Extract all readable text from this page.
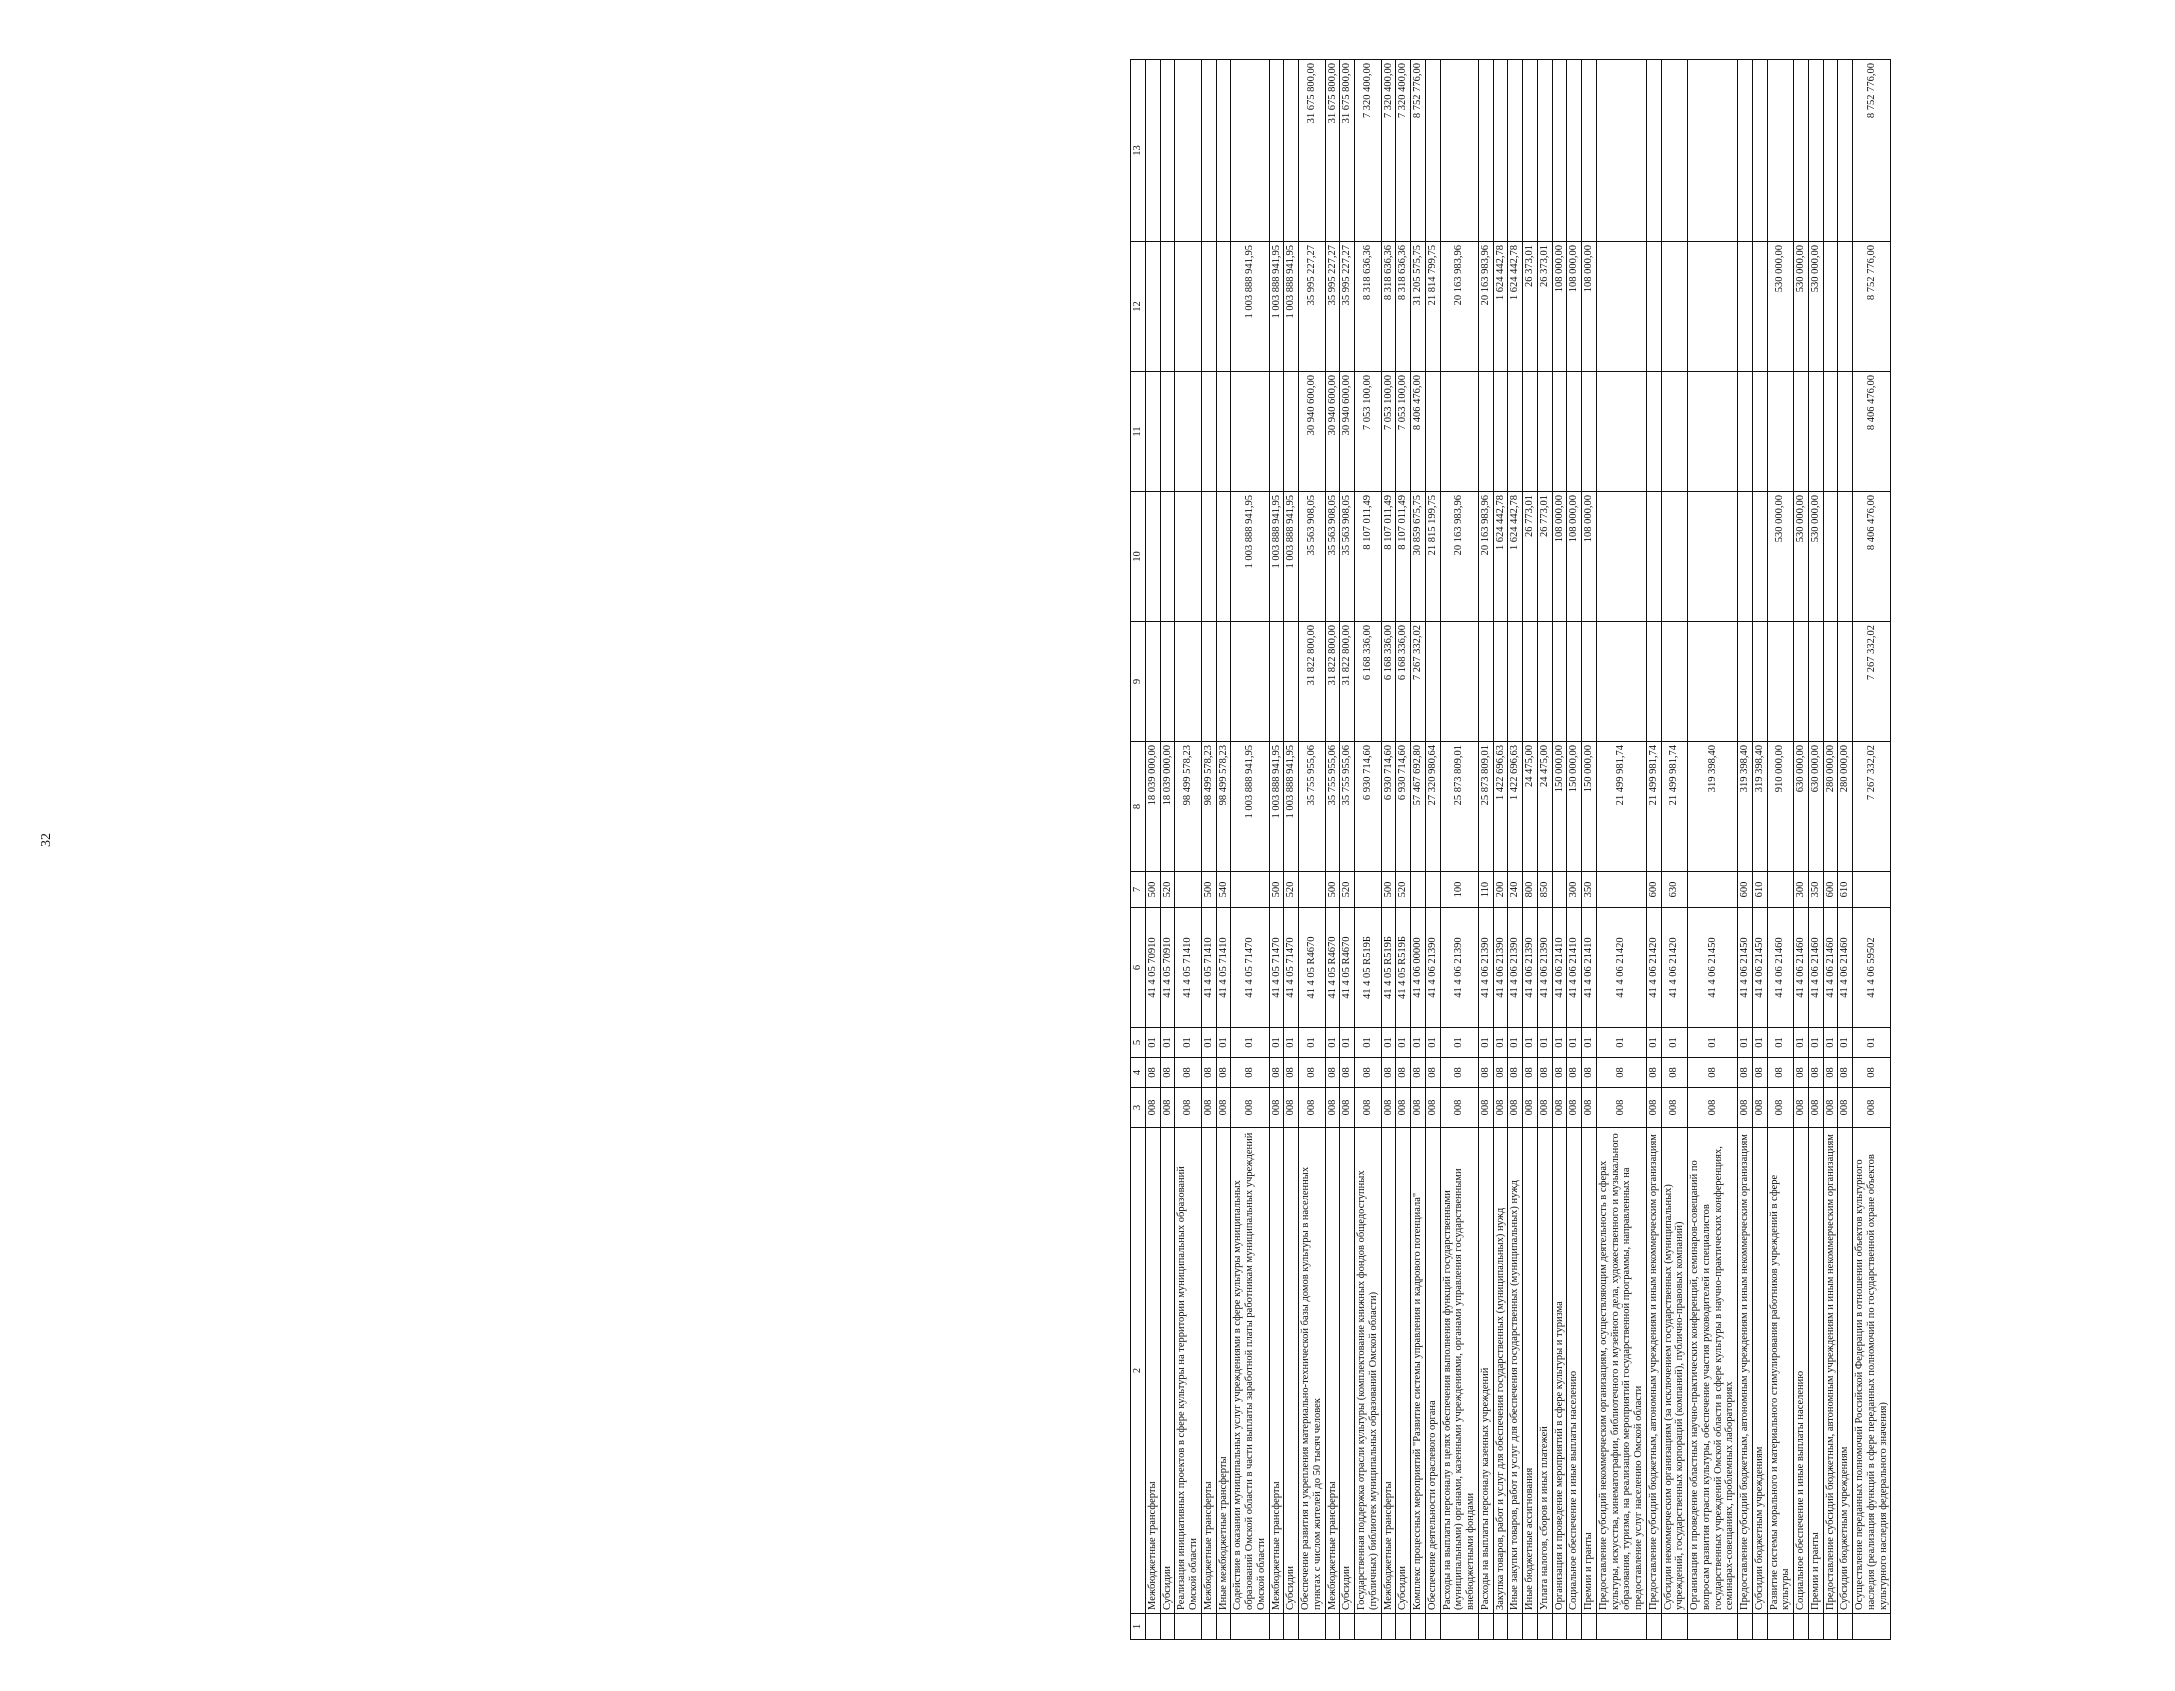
32
1	2	3	4	5	6	7	8	9	10	11	12	13
	Межбюджетные трансферты	008	08	01	41 4 05 70910	500	18 039 000,00					
	Субсидии	008	08	01	41 4 05 70910	520	18 039 000,00					
	Реализация инициативных проектов в сфере культуры на территории муниципальных образований Омской области	008	08	01	41 4 05 71410		98 499 578,23					
	Межбюджетные трансферты	008	08	01	41 4 05 71410	500	98 499 578,23					
	Иные межбюджетные трансферты	008	08	01	41 4 05 71410	540	98 499 578,23					
	Содействие в оказании муниципальных услуг учреждениями в сфере культуры муниципальных образований Омской области в части выплаты заработной платы работникам муниципальных учреждений Омской области	008	08	01	41 4 05 71470		1 003 888 941,95		1 003 888 941,95		1 003 888 941,95	
	Межбюджетные трансферты	008	08	01	41 4 05 71470	500	1 003 888 941,95		1 003 888 941,95		1 003 888 941,95	
	Субсидии	008	08	01	41 4 05 71470	520	1 003 888 941,95		1 003 888 941,95		1 003 888 941,95	
	Обеспечение развития и укрепления материально-технической базы домов культуры в населенных пунктах с числом жителей до 50 тысяч человек	008	08	01	41 4 05 R4670		35 755 955,06	31 822 800,00	35 563 908,05	30 940 600,00	35 995 227,27	31 675 800,00
	Межбюджетные трансферты	008	08	01	41 4 05 R4670	500	35 755 955,06	31 822 800,00	35 563 908,05	30 940 600,00	35 995 227,27	31 675 800,00
	Субсидии	008	08	01	41 4 05 R4670	520	35 755 955,06	31 822 800,00	35 563 908,05	30 940 600,00	35 995 227,27	31 675 800,00
	Государственная поддержка отрасли культуры (комплектование книжных фондов общедоступных (публичных) библиотек муниципальных образований Омской области)	008	08	01	41 4 05 R519Б		6 930 714,60	6 168 336,00	8 107 011,49	7 053 100,00	8 318 636,36	7 320 400,00
	Межбюджетные трансферты	008	08	01	41 4 05 R519Б	500	6 930 714,60	6 168 336,00	8 107 011,49	7 053 100,00	8 318 636,36	7 320 400,00
	Субсидии	008	08	01	41 4 05 R519Б	520	6 930 714,60	6 168 336,00	8 107 011,49	7 053 100,00	8 318 636,36	7 320 400,00
	Комплекс процессных мероприятий "Развитие системы управления и кадрового потенциала"	008	08	01	41 4 06 00000		57 467 692,80	7 267 332,02	30 859 675,75	8 406 476,00	31 205 575,75	8 752 776,00
	Обеспечение деятельности отраслевого органа	008	08	01	41 4 06 21390		27 320 980,64		21 815 199,75		21 814 799,75	
	Расходы на выплаты персоналу в целях обеспечения выполнения функций государственными (муниципальными) органами, казенными учреждениями, органами управления государственными внебюджетными фондами	008	08	01	41 4 06 21390	100	25 873 809,01		20 163 983,96		20 163 983,96	
	Расходы на выплаты персоналу казенных учреждений	008	08	01	41 4 06 21390	110	25 873 809,01		20 163 983,96		20 163 983,96	
	Закупка товаров, работ и услуг для обеспечения государственных (муниципальных) нужд	008	08	01	41 4 06 21390	200	1 422 696,63		1 624 442,78		1 624 442,78	
	Иные закупки товаров, работ и услуг для обеспечения государственных (муниципальных) нужд	008	08	01	41 4 06 21390	240	1 422 696,63		1 624 442,78		1 624 442,78	
	Иные бюджетные ассигнования	008	08	01	41 4 06 21390	800	24 475,00		26 773,01		26 373,01	
	Уплата налогов, сборов и иных платежей	008	08	01	41 4 06 21390	850	24 475,00		26 773,01		26 373,01	
	Организация и проведение мероприятий в сфере культуры и туризма	008	08	01	41 4 06 21410		150 000,00		108 000,00		108 000,00	
	Социальное обеспечение и иные выплаты населению	008	08	01	41 4 06 21410	300	150 000,00		108 000,00		108 000,00	
	Премии и гранты	008	08	01	41 4 06 21410	350	150 000,00		108 000,00		108 000,00	
	Предоставление субсидий некоммерческим организациям, осуществляющим деятельность в сферах культуры, искусства, кинематографии, библиотечного и музейного дела, художественного и музыкального образования, туризма, на реализацию мероприятий государственной программы, направленных на предоставление услуг населению Омской области	008	08	01	41 4 06 21420		21 499 981,74					
	Предоставление субсидий бюджетным, автономным учреждениям и иным некоммерческим организациям	008	08	01	41 4 06 21420	600	21 499 981,74					
	Субсидии некоммерческим организациям (за исключением государственных (муниципальных) учреждений, государственных корпораций (компаний), публично-правовых компаний)	008	08	01	41 4 06 21420	630	21 499 981,74					
	Организация и проведение областных научно-практических конференций, семинаров-совещаний по вопросам развития отрасли культуры, обеспечение участия руководителей и специалистов государственных учреждений Омской области в сфере культуры в научно-практических конференциях, семинарах-совещаниях, проблемных лабораториях	008	08	01	41 4 06 21450		319 398,40					
	Предоставление субсидий бюджетным, автономным учреждениям и иным некоммерческим организациям	008	08	01	41 4 06 21450	600	319 398,40					
	Субсидии бюджетным учреждениям	008	08	01	41 4 06 21450	610	319 398,40					
	Развитие системы морального и материального стимулирования работников учреждений в сфере культуры	008	08	01	41 4 06 21460		910 000,00		530 000,00		530 000,00	
	Социальное обеспечение и иные выплаты населению	008	08	01	41 4 06 21460	300	630 000,00		530 000,00		530 000,00	
	Премии и гранты	008	08	01	41 4 06 21460	350	630 000,00		530 000,00		530 000,00	
	Предоставление субсидий бюджетным, автономным учреждениям и иным некоммерческим организациям	008	08	01	41 4 06 21460	600	280 000,00					
	Субсидии бюджетным учреждениям	008	08	01	41 4 06 21460	610	280 000,00					
	Осуществление переданных полномочий Российской Федерации в отношении объектов культурного наследия (реализация функций в сфере переданных полномочий по государственной охране объектов культурного наследия федерального значения)	008	08	01	41 4 06 59502		7 267 332,02	7 267 332,02	8 406 476,00	8 406 476,00	8 752 776,00	8 752 776,00
